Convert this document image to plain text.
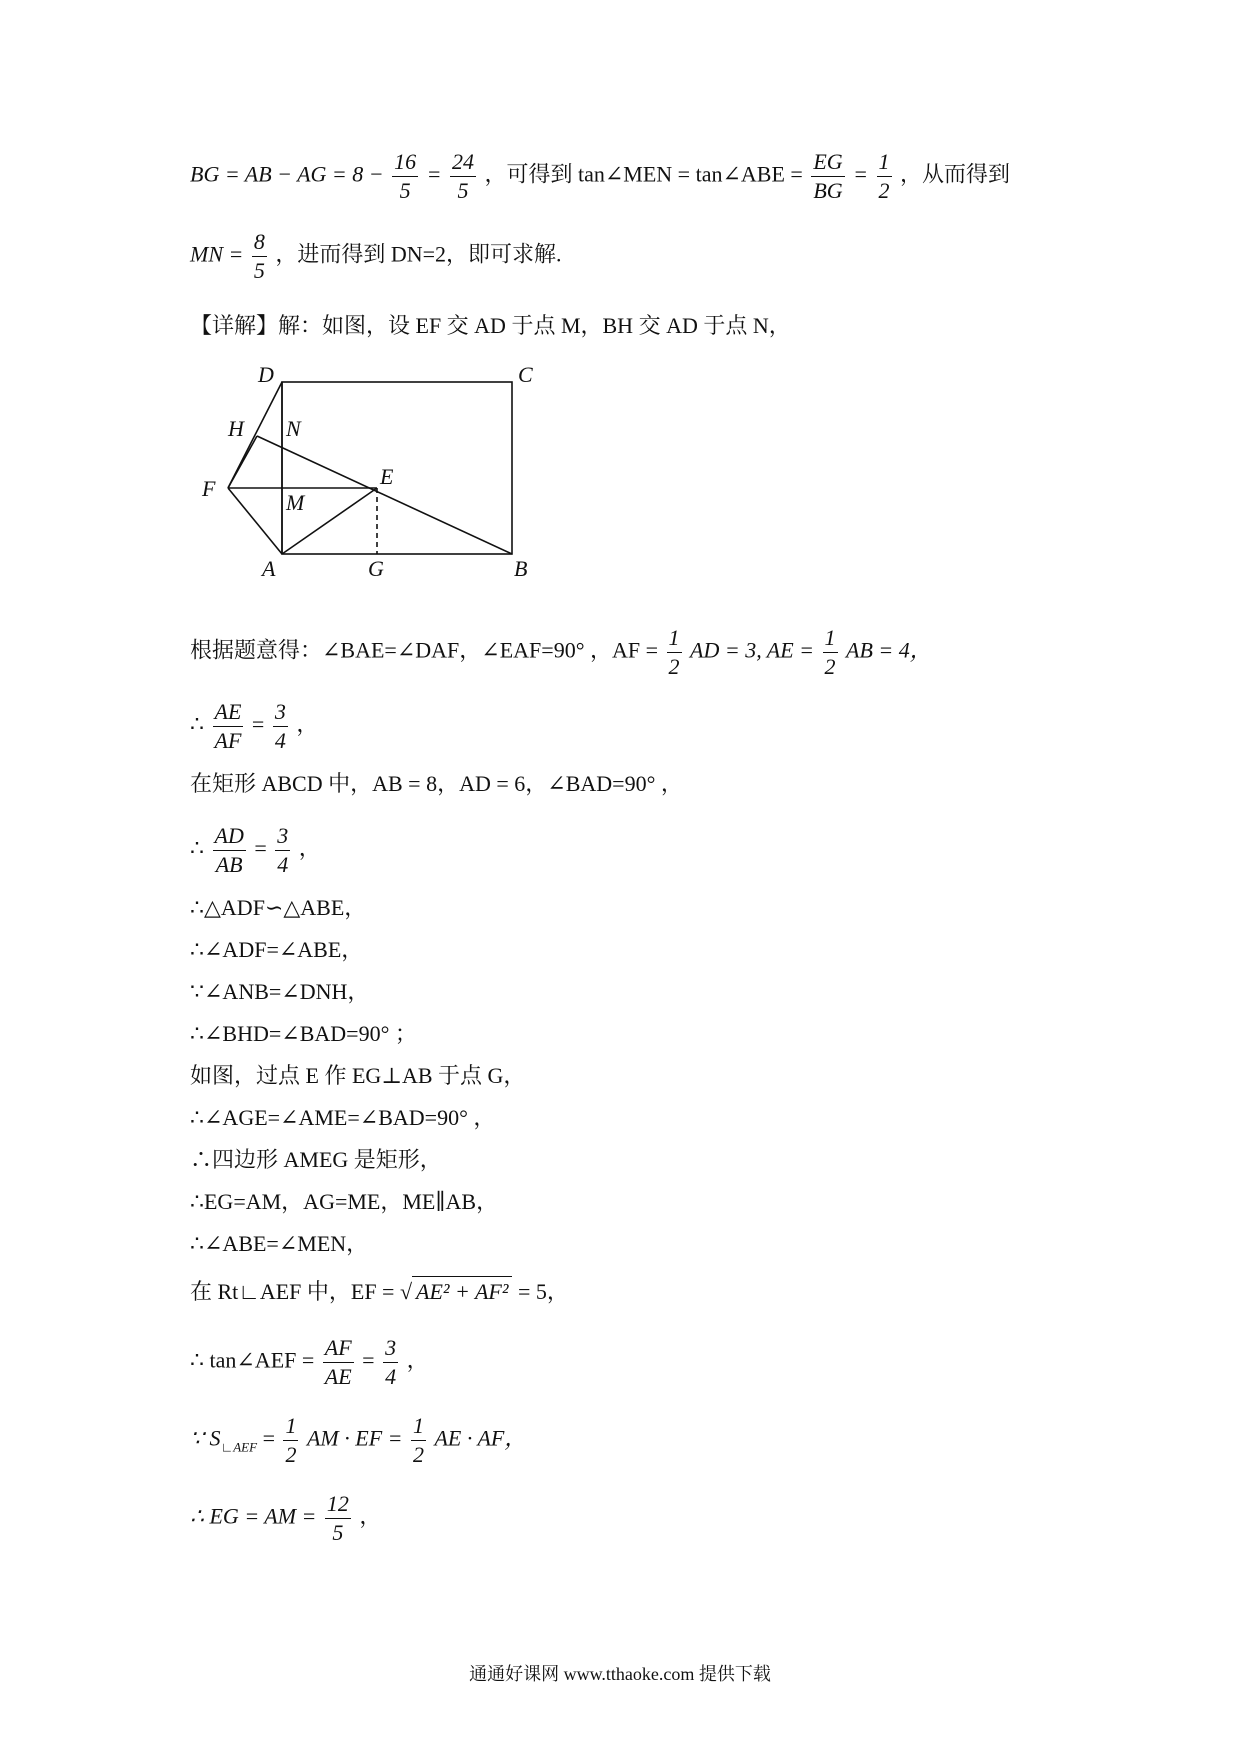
BG = AB − AG = $8 - \frac{16}{5} = \frac{24}{5}$ ，可得到 tan∠MEN = tan∠ABE = $\frac{EG}{BG} = \frac{1}{2}$ ，从而得到
MN = $\frac{8}{5}$ ，进而得到 DN=2，即可求解.
【详解】解：如图，设 EF 交 AD 于点 M，BH 交 AD 于点 N，
D	C
H N
F	E
M
A	G	B
根据题意得：∠BAE=∠DAF，∠EAF=90° ，AF = $\frac{1}{2}$ AD = 3, AE = $\frac{1}{2}$ AB = 4，
∴ $\frac{AE}{AF} = \frac{3}{4}$ ，
在矩形 ABCD 中，AB = 8，AD = 6，∠BAD=90° ，
∴ $\frac{AD}{AB} = \frac{3}{4}$ ，
∴△ADF∽△ABE，
∴∠ADF=∠ABE，
∵∠ANB=∠DNH，
∴∠BHD=∠BAD=90° ；
如图，过点 E 作 EG⊥AB 于点 G，
∴∠AGE=∠AME=∠BAD=90° ，
∴四边形 AMEG 是矩形，
∴EG=AM，AG=ME，ME∥AB，
∴∠ABE=∠MEN，
在 Rt∟AEF 中，EF = √ AE² + AF² = 5，
∴ tan∠AEF = $\frac{AF}{AE} = \frac{3}{4}$ ，
∵ $S_{∟AEF} = \frac{1}{2}$ AM · EF = $\frac{1}{2}$ AE · AF，
∴ EG = AM = $\frac{12}{5}$ ，
通通好课网 www.tthaoke.com 提供下载
